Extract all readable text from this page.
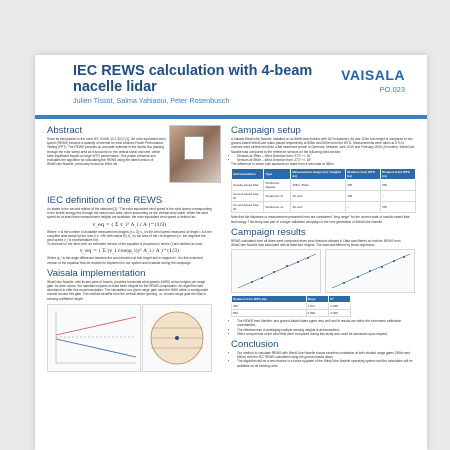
IEC REWS calculation with 4-beam nacelle lidar
Julien Tissot, Salma Yahiaoui, Peter Rosenbusch
VAISALA
PO.023
Abstract

Since its introduction in the norm IEC 61400-12-1:2017 [1], the rotor equivalent wind speed (REWS) became a quantity of interest for wind turbines Power Performance Testing (PPT). The REWS provides an accurate estimate of the kinetic flux passing through the rotor swept area as it accounts for the vertical shear and veer, which have significant impact on large WTG performance. This poster presents and evaluates the algorithm for calculating the REWS using the latest version of WindCube Nacelle, previously known as Wind Iris.

IEC definition of the REWS

As stated in the second edition of the standard [1]: "The rotor equivalent wind speed is the wind speed corresponding to the kinetic energy flux through the swept rotor area, when accounting for the vertical wind shear. When the wind speed for at least three measurement heights are available, the rotor equivalent wind speed is defined as:

v_eq = ( Σ v_i³ A_i / A )^(1/3)

Where: n is the number of available measurement heights (n ≥ 3); v_i is the wind speed measured at height i; A is the complete area swept by the rotor (i.e. πR² with radius R); A_i is the area of the i-th segment (i.e. the segment the wind speed v_i is representative for).

To account for the wind veer, an extended version of the equation is proposed in annex Q and defined as such:

v_eq = ( Σ (v_i cos(φ_i))³ A_i / A )^(1/3)

Where φ_i is the angle difference between the wind direction at hub height and in segment i. It is this extended version of the equation that we decided to implement in our system and evaluate during the campaign.

Vaisala implementation

WindCube Nacelle, with its two pairs of beams, provides horizontal wind speeds (HWS) at two heights per range gate. As seen above, the standard requires at least three heights for the REWS computation. An algorithm was developed to offer this recommendation. The calculation at a given range gate uses the HWS within a configurable volume around this gate. This method benefits from the vertical beam opening, i.e. at each range gate the lidar is sensing a different height.

Campaign setup

A Vaisala WindCube Nacelle, installed on an 8MW wind turbine with 167m diameter (D) and 120m hub height is compared to two ground-based WindCube lidars placed respectively at 595m and 550m from the WTG. Measurements were taken at DTU's onshore wind turbine test field, a flat nearshore terrain in Denmark, between June 2019 and February 2020 (3 months). WindCube Nacelle was compared to the reference sensors on the following wind sectors:

• Sensors at 395m – Wind Direction from: 273° +/- 16°
• Sensors at 550m – Wind Direction from: 273° +/- 16°

The difference in sector size accounts for wake from a met mast at 380m.

Instrumentation	Type	Measurement ranges (m) / heights (m)	Distance from WTG (m)	Distance from WTG (m)
Nacelle-based lidar	WindCube Nacelle	395m, 550m	395	550
Ground-based lidar #1	WindCube v2	40–220	395	–
Ground-based lidar #2	WindCube v2	40–220	–	550

Note that the distances of measurement presented here are considered "long range" for the current state of nacelle-based lidar technology. This study was part of a larger validation campaign of the new generation of WindCube Nacelle.

Campaign results

REWS calculated from all lidars were compared when wind direction allowed it. Data was filtered so that the REWS from WindCube Nacelle was calculated with at least four heights. The data was filtered by linear regression.

Distance from WTG (m)	Slope	R²
395	1.001	0.998
550	0.998	0.996
• The REWS from Nacelle- and ground-based lidars agree very well and fit results are within the instrument calibration uncertainties.
• The effectiveness of averaging multiple sensing heights is demonstrated.
• Other components of the wind field were compared during this study and could be discussed upon request.
Conclusion
• Our method to calculate REWS with WindCube Nacelle shows excellent correlation at both studied range gates (395m and 550m) with the IEC REWS calculated using the ground-based lidars.
• The algorithm will be a new feature in a future upgrade of the WindCube Nacelle operating system and the calculation will be available on all existing units.
